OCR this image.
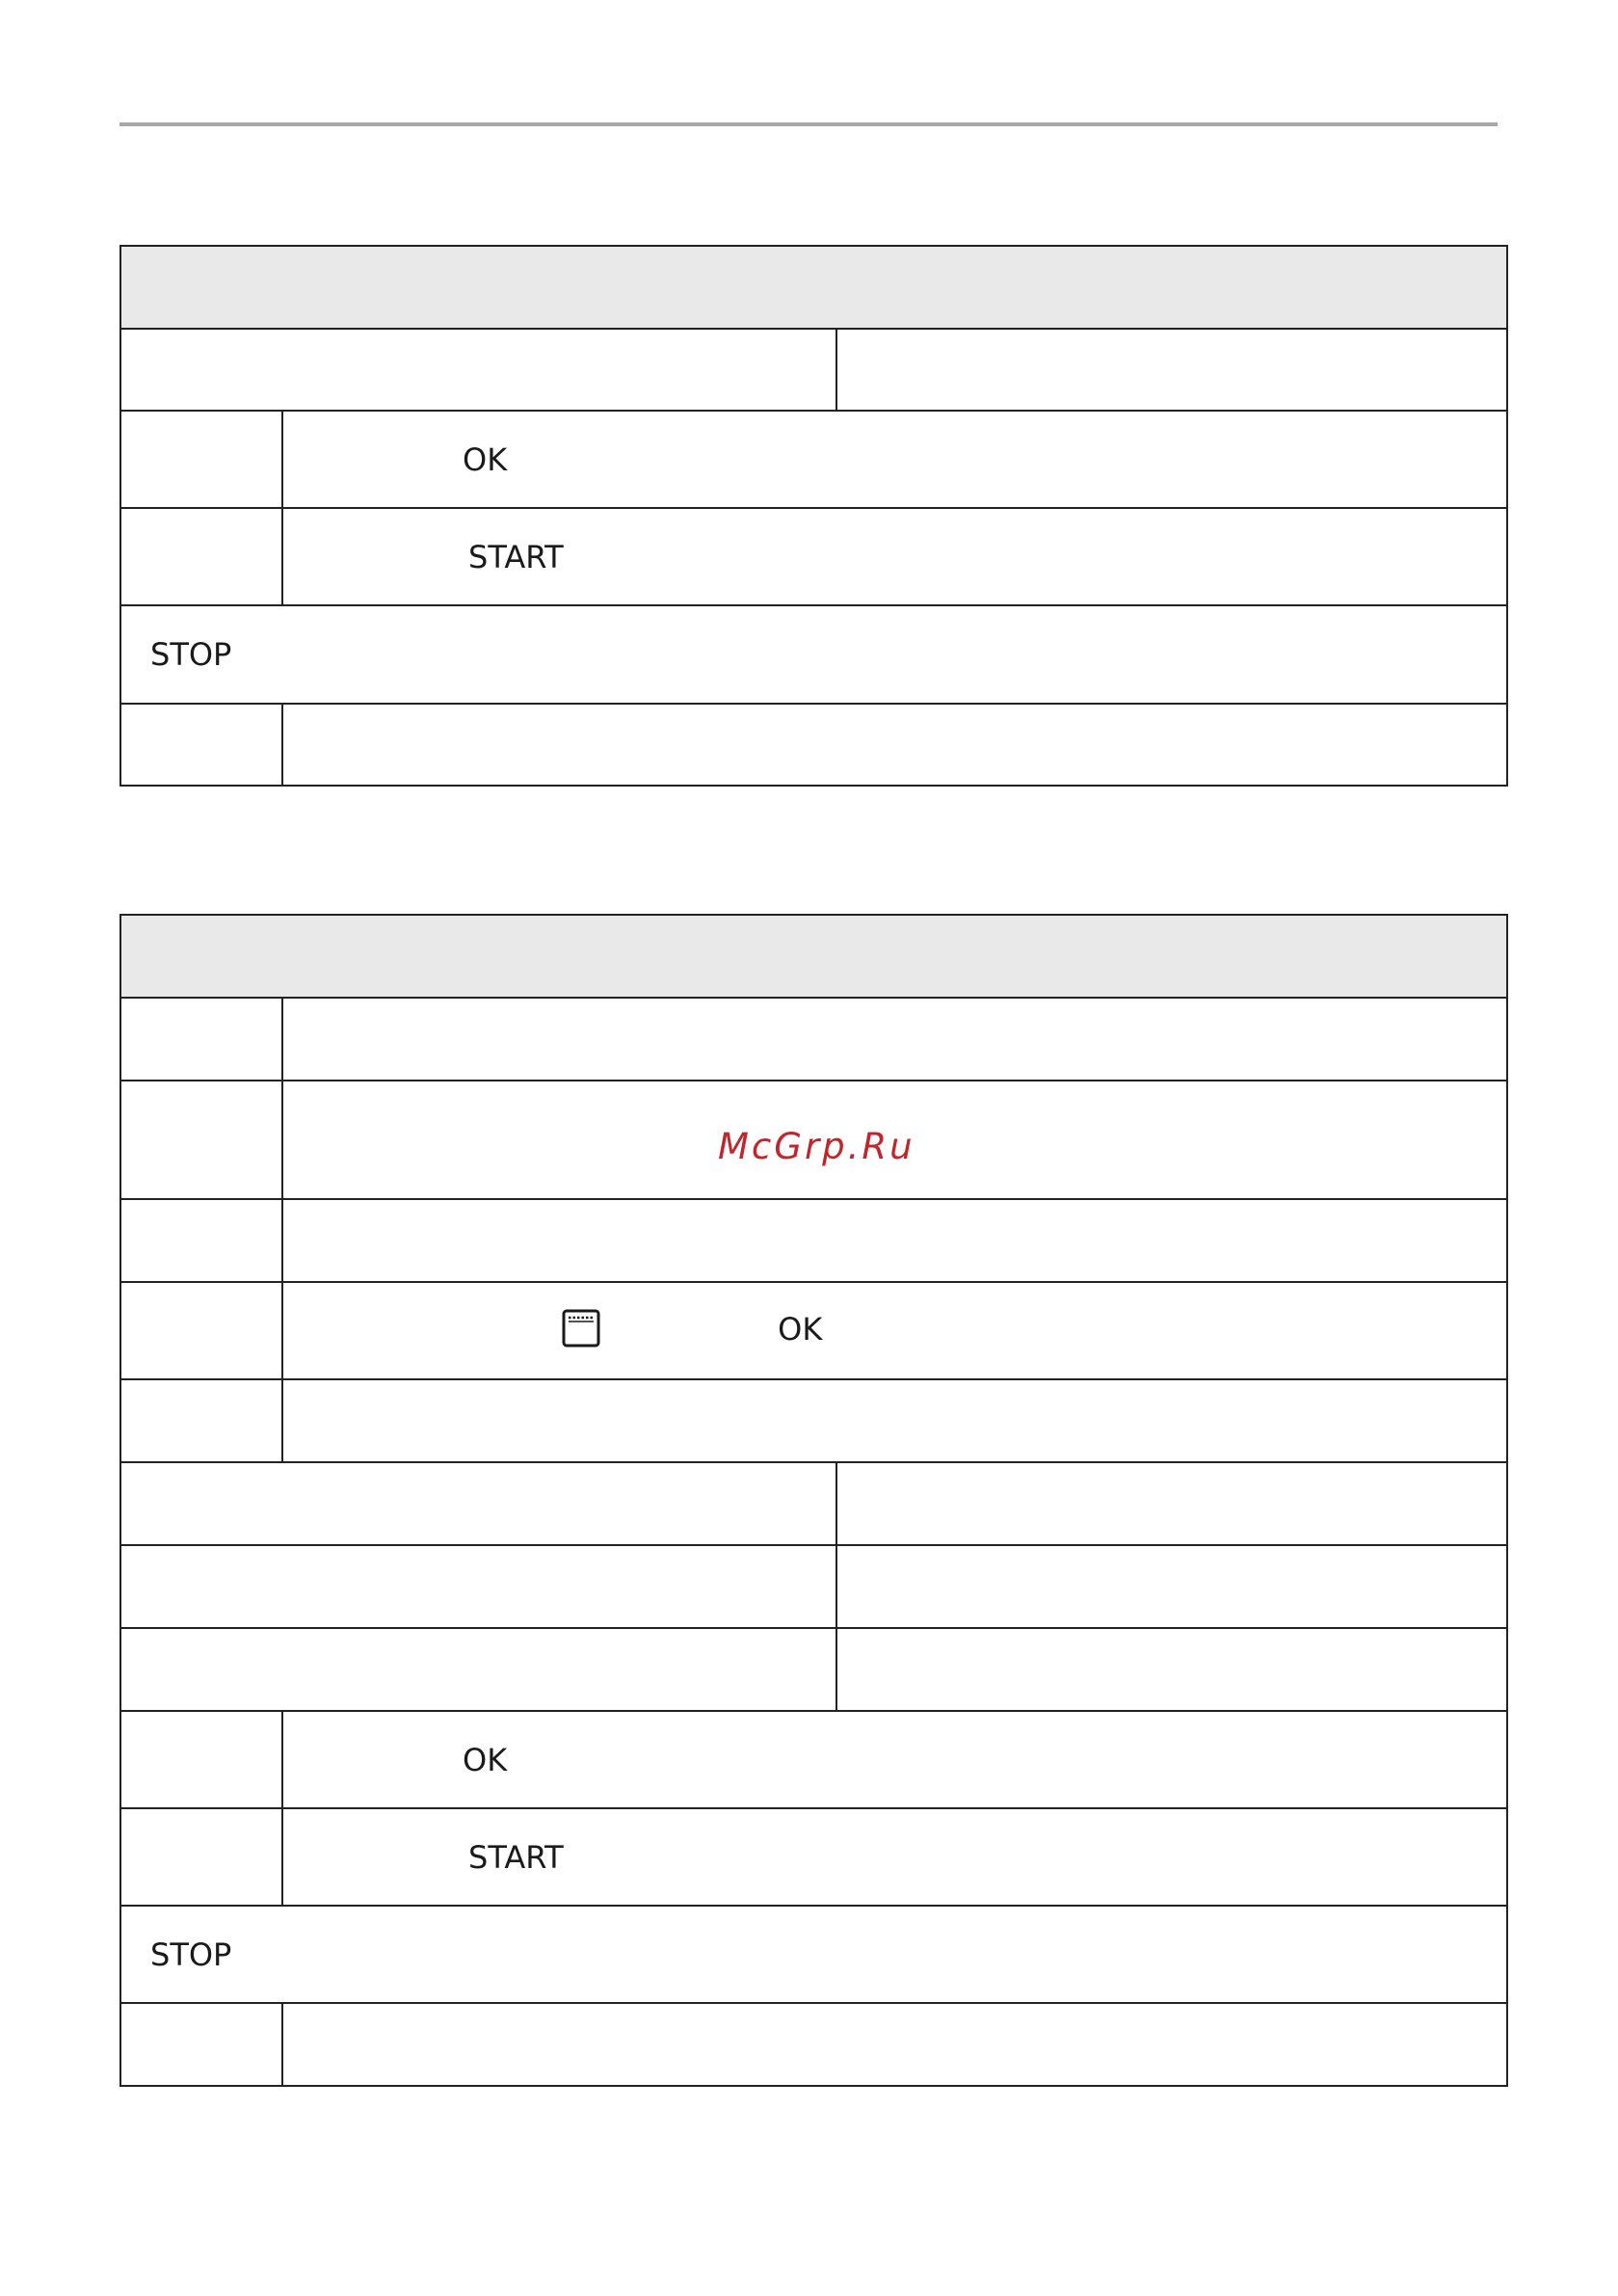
	OK	
	START	
STOP		

	OK	

	OK	
	START	
STOP		

McGrp.Ru
